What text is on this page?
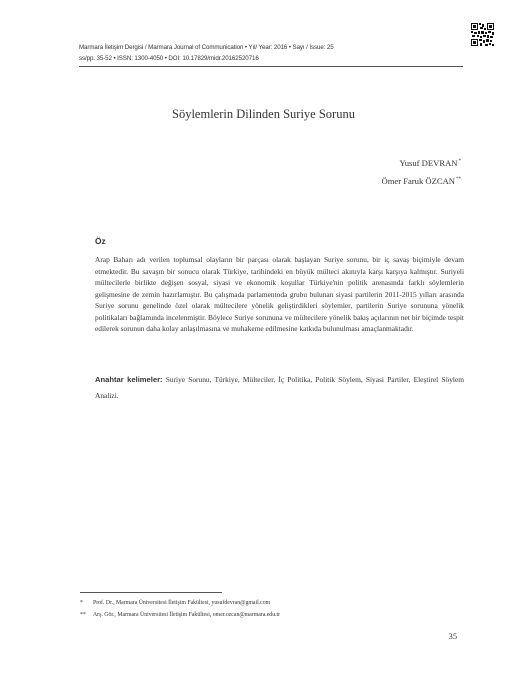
Marmara İletişim Dergisi / Marmara Journal of Communication • Yıl/ Year: 2016 • Sayı / Issue: 25
ss/pp. 35-52 • ISSN: 1300-4050 • DOI: 10.17829/midr.20162520716
Söylemlerin Dilinden Suriye Sorunu
Yusuf DEVRAN*
Ömer Faruk ÖZCAN**
Öz
Arap Baharı adı verilen toplumsal olayların bir parçası olarak başlayan Suriye sorunu, bir iç savaş biçimiyle devam etmektedir. Bu savaşın bir sonucu olarak Türkiye, tarihindeki en büyük mülteci akınıyla karşı karşıya kalmıştır. Suriyeli mültecilerle birlikte değişen sosyal, siyasi ve ekonomik koşullar Türkiye'nin politik arenasında farklı söylemlerin gelişmesine de zemin hazırlamıştır. Bu çalışmada parlamentoda grubu bulunan siyasi partilerin 2011-2015 yılları arasında Suriye sorunu genelinde özel olarak mültecilere yönelik geliştirdikleri söylemler, partilerin Suriye sorununa yönelik politikaları bağlamında incelenmiştir. Böylece Suriye sorununa ve mültecilere yönelik bakış açılarının net bir biçimde tespit edilerek sorunun daha kolay anlaşılmasına ve muhakeme edilmesine katkıda bulunulması amaçlanmaktadır.
Anahtar kelimeler: Suriye Sorunu, Türkiye, Mülteciler, İç Politika, Politik Söylem, Siyasi Partiler, Eleştirel Söylem Analizi.
* Prof. Dr., Marmara Üniversitesi İletişim Fakültesi, yusufdevran@gmail.com
** Arş. Gör., Marmara Üniversitesi İletişim Fakültesi, omer.ozcan@marmara.edu.tr
35
